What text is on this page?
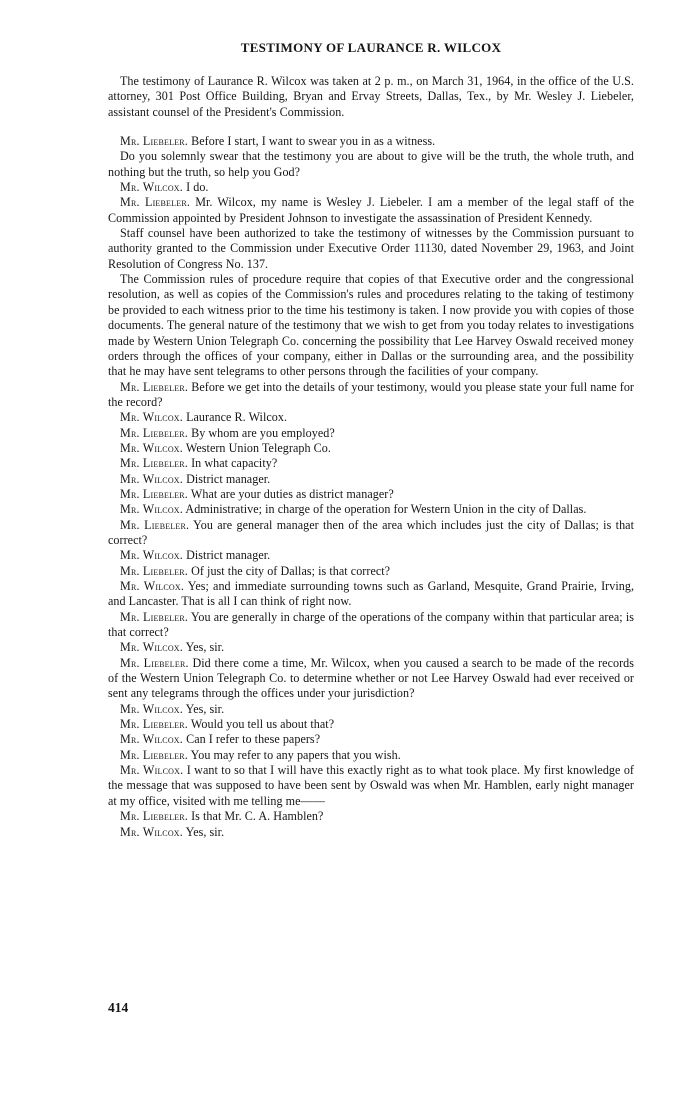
TESTIMONY OF LAURANCE R. WILCOX

The testimony of Laurance R. Wilcox was taken at 2 p. m., on March 31, 1964, in the office of the U.S. attorney, 301 Post Office Building, Bryan and Ervay Streets, Dallas, Tex., by Mr. Wesley J. Liebeler, assistant counsel of the President's Commission.

Mr. Liebeler. Before I start, I want to swear you in as a witness.

Do you solemnly swear that the testimony you are about to give will be the truth, the whole truth, and nothing but the truth, so help you God?

Mr. Wilcox. I do.

Mr. Liebeler. Mr. Wilcox, my name is Wesley J. Liebeler. I am a member of the legal staff of the Commission appointed by President Johnson to investigate the assassination of President Kennedy.

Staff counsel have been authorized to take the testimony of witnesses by the Commission pursuant to authority granted to the Commission under Executive Order 11130, dated November 29, 1963, and Joint Resolution of Congress No. 137.

The Commission rules of procedure require that copies of that Executive order and the congressional resolution, as well as copies of the Commission's rules and procedures relating to the taking of testimony be provided to each witness prior to the time his testimony is taken. I now provide you with copies of those documents. The general nature of the testimony that we wish to get from you today relates to investigations made by Western Union Telegraph Co. concerning the possibility that Lee Harvey Oswald received money orders through the offices of your company, either in Dallas or the surrounding area, and the possibility that he may have sent telegrams to other persons through the facilities of your company.

Mr. Liebeler. Before we get into the details of your testimony, would you please state your full name for the record?

Mr. Wilcox. Laurance R. Wilcox.

Mr. Liebeler. By whom are you employed?

Mr. Wilcox. Western Union Telegraph Co.

Mr. Liebeler. In what capacity?

Mr. Wilcox. District manager.

Mr. Liebeler. What are your duties as district manager?

Mr. Wilcox. Administrative; in charge of the operation for Western Union in the city of Dallas.

Mr. Liebeler. You are general manager then of the area which includes just the city of Dallas; is that correct?

Mr. Wilcox. District manager.

Mr. Liebeler. Of just the city of Dallas; is that correct?

Mr. Wilcox. Yes; and immediate surrounding towns such as Garland, Mesquite, Grand Prairie, Irving, and Lancaster. That is all I can think of right now.

Mr. Liebeler. You are generally in charge of the operations of the company within that particular area; is that correct?

Mr. Wilcox. Yes, sir.

Mr. Liebeler. Did there come a time, Mr. Wilcox, when you caused a search to be made of the records of the Western Union Telegraph Co. to determine whether or not Lee Harvey Oswald had ever received or sent any telegrams through the offices under your jurisdiction?

Mr. Wilcox. Yes, sir.

Mr. Liebeler. Would you tell us about that?

Mr. Wilcox. Can I refer to these papers?

Mr. Liebeler. You may refer to any papers that you wish.

Mr. Wilcox. I want to so that I will have this exactly right as to what took place. My first knowledge of the message that was supposed to have been sent by Oswald was when Mr. Hamblen, early night manager at my office, visited with me telling me——

Mr. Liebeler. Is that Mr. C. A. Hamblen?

Mr. Wilcox. Yes, sir.

414
